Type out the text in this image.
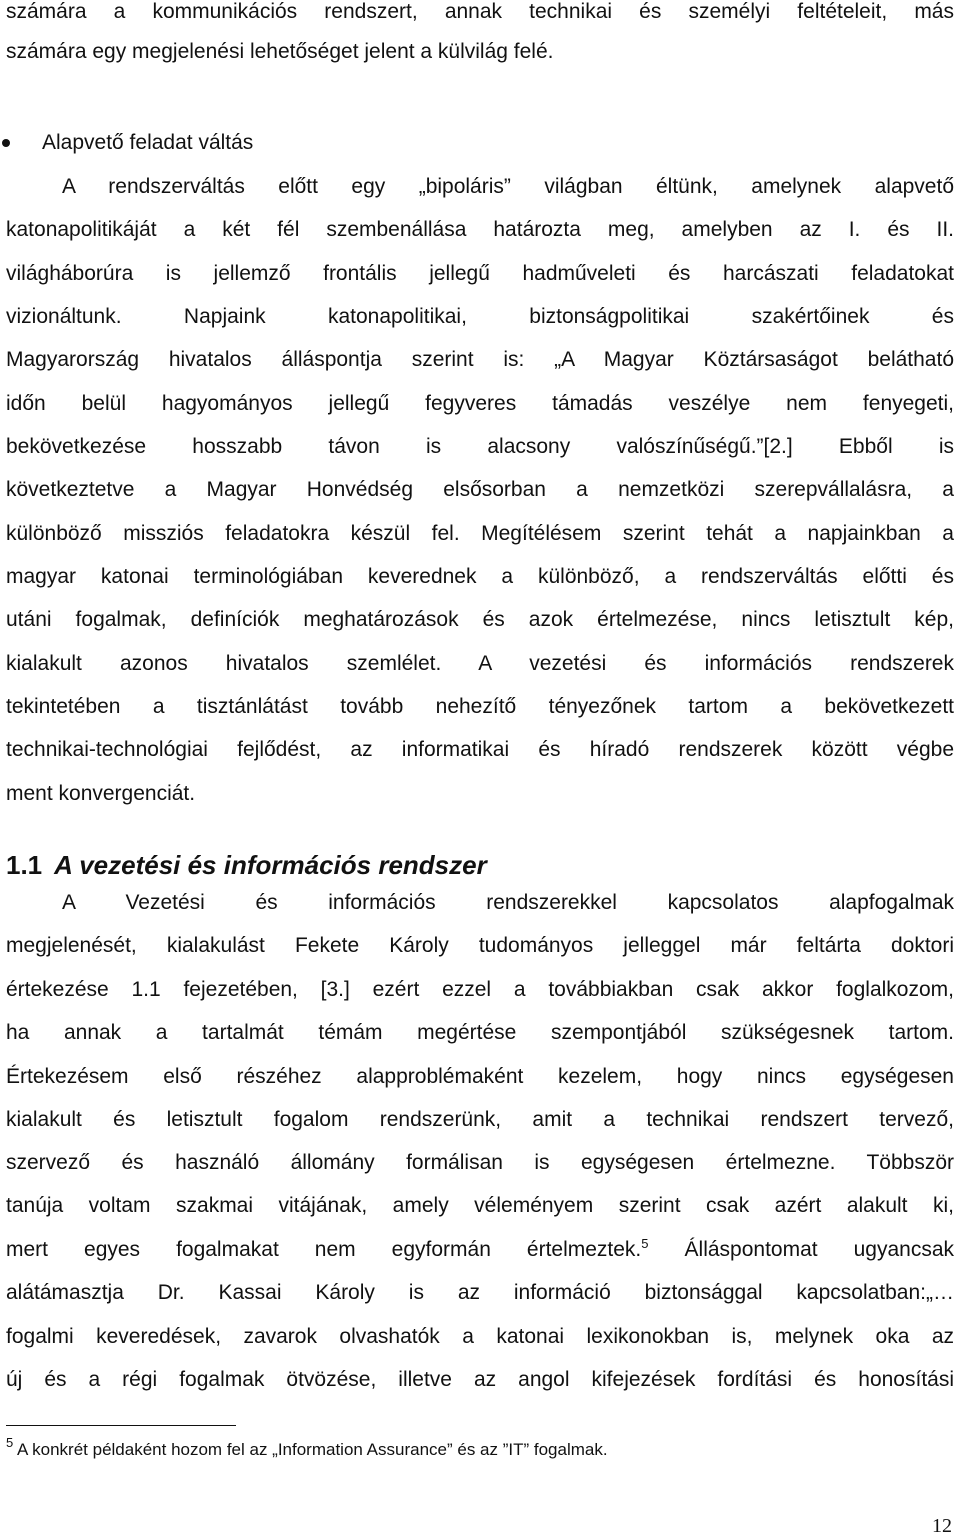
számára a kommunikációs rendszert, annak technikai és személyi feltételeit, más

számára egy megjelenési lehetőséget jelent a külvilág felé.

Alapvető feladat váltás

A rendszerváltás előtt egy „bipoláris” világban éltünk, amelynek alapvető

katonapolitikáját a két fél szembenállása határozta meg, amelyben az I. és II.

világháborúra is jellemző frontális jellegű hadműveleti és harcászati feladatokat

vizionáltunk. Napjaink katonapolitikai, biztonságpolitikai szakértőinek és

Magyarország hivatalos álláspontja szerint is: „A Magyar Köztársaságot belátható

időn belül hagyományos jellegű fegyveres támadás veszélye nem fenyegeti,

bekövetkezése hosszabb távon is alacsony valószínűségű.”[2.] Ebből is

következtetve a Magyar Honvédség elsősorban a nemzetközi szerepvállalásra, a

különböző missziós feladatokra készül fel. Megítélésem szerint tehát a napjainkban a

magyar katonai terminológiában keverednek a különböző, a rendszerváltás előtti és

utáni fogalmak, definíciók meghatározások és azok értelmezése, nincs letisztult kép,

kialakult azonos hivatalos szemlélet. A vezetési és információs rendszerek

tekintetében a tisztánlátást tovább nehezítő tényezőnek tartom a bekövetkezett

technikai-technológiai fejlődést, az informatikai és híradó rendszerek között végbe

ment konvergenciát.

1.1 A vezetési és információs rendszer

A Vezetési és információs rendszerekkel kapcsolatos alapfogalmak

megjelenését, kialakulást Fekete Károly tudományos jelleggel már feltárta doktori

értekezése 1.1 fejezetében, [3.] ezért ezzel a továbbiakban csak akkor foglalkozom,

ha annak a tartalmát témám megértése szempontjából szükségesnek tartom.

Értekezésem első részéhez alapproblémaként kezelem, hogy nincs egységesen

kialakult és letisztult fogalom rendszerünk, amit a technikai rendszert tervező,

szervező és használó állomány formálisan is egységesen értelmezne. Többször

tanúja voltam szakmai vitájának, amely véleményem szerint csak azért alakult ki,

mert egyes fogalmakat nem egyformán értelmeztek.$^5$ Álláspontomat ugyancsak

alátámasztja Dr. Kassai Károly is az információ biztonsággal kapcsolatban:„…

fogalmi keveredések, zavarok olvashatók a katonai lexikonokban is, melynek oka az

új és a régi fogalmak ötvözése, illetve az angol kifejezések fordítási és honosítási

$^5$ A konkrét példaként hozom fel az „Information Assurance” és az ”IT” fogalmak.

12
